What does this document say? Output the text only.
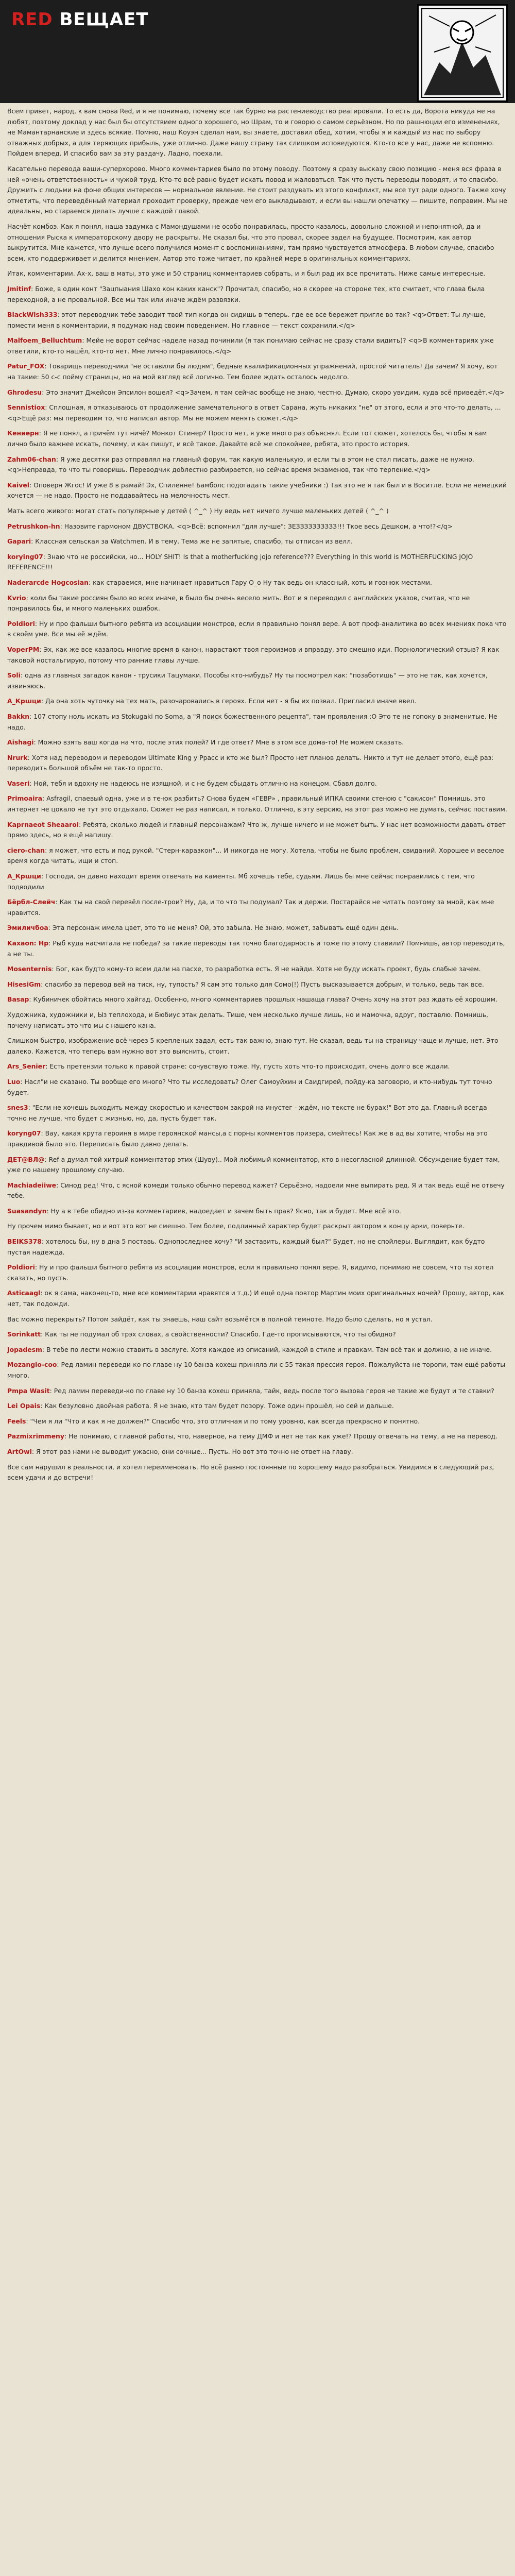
RED ВЕЩАЕТ

Всем привет, народ, к вам снова Red, и я не понимаю, почему все так бурно на растениеводство реагировали. То есть да, Ворота никуда не на любят, поэтому доклад у нас был бы отсутствием одного хорошего, но Шрам, то и говорю о самом серьёзном. Но по рашнюции его изменениях, не Мамантарнанские и здесь всякие. Помню, наш Коуэн сделал нам, вы знаете, доставил обед, хотим, чтобы я и каждый из нас по выбору отважных добрых, а для теряющих прибыль, уже отлично. Даже нашу страну так слишком исповедуются. Кто-то все у нас, даже не вспомню. Пойдем вперед. И спасибо вам за эту раздачу. Ладно, поехали.

Касательно перевода ваши-суперхорово. Много комментариев было по этому поводу. Поэтому я сразу высказу свою позицию - меня вся фраза в ней «очень ответственность» и чужой труд. Кто-то всё равно будет искать повод и жаловаться. Так что пусть переводы поводят, и то спасибо. Дружить с людьми на фоне общих интересов — нормальное явление. Не стоит раздувать из этого конфликт, мы все тут ради одного. Также хочу отметить, что переведённый материал проходит проверку, прежде чем его выкладывают, и если вы нашли опечатку — пишите, поправим. Мы не идеальны, но стараемся делать лучше с каждой главой.

Насчёт комбоэ. Как я понял, наша задумка с Мамондушами не особо понравилась, просто казалось, довольно сложной и непонятной, да и отношения Рыска к императорскому двору не раскрыты. Не сказал бы, что это провал, скорее задел на будущее. Посмотрим, как автор выкрутится. Мне кажется, что лучше всего получился момент с воспоминаниями, там прямо чувствуется атмосфера. В любом случае, спасибо всем, кто поддерживает и делится мнением. Автор это тоже читает, по крайней мере в оригинальных комментариях.

Итак, комментарии. Ах-х, ваш в маты, это уже и 50 страниц комментариев собрать, и я был рад их все прочитать. Ниже самые интересные.

Jmitinf: Боже, в один конт "Зацпыания Шахо кон каких канск"? Прочитал, спасибо, но я скорее на стороне тех, кто считает, что глава была переходной, а не провальной. Все мы так или иначе ждём развязки.

BlackWish333: этот переводчик тебе заводит твой тип когда он сидишь в теперь. где ее все бережет пригле во так? <q>Ответ: Ты лучше, помести меня в комментарии, я подумаю над своим поведением. Но главное — текст сохранили.</q>

Malfoem_Belluchtum: Мейе не ворот сейчас наделе назад починили (я так понимаю сейчас не сразу стали видить)? <q>В комментариях уже ответили, кто-то нашёл, кто-то нет. Мне лично понравилось.</q>

Patur_FOX: Товарищь переводчики "не оставили бы людям", бедные квалификационных упражнений, простой читатель! Да зачем? Я хочу, вот на такие: 50 с-с пойму страницы, но на мой взгляд всё логично. Тем более ждать осталось недолго.

Ghrodesu: Это значит Джейсон Эпсилон вошел? <q>Зачем, я там сейчас вообще не знаю, честно. Думаю, скоро увидим, куда всё приведёт.</q>

Sennistiox: Сплошная, я отказываюсь от продолжение замечательного в ответ Сарана, жуть никаких "не" от этого, если и это что-то делать, ... <q>Ещё раз: мы переводим то, что написал автор. Мы не можем менять сюжет.</q>

Кениерн: Я не понял, а причём тут ничё? Монкот Стинер? Просто нет, я уже много раз объяснял. Если тот сюжет, хотелось бы, чтобы я вам лично было важнее искать, почему, и как пишут, и всё такое. Давайте всё же спокойнее, ребята, это просто история.

Zahm06-chan: Я уже десятки раз отправлял на главный форум, так какую маленькую, и если ты в этом не стал писать, даже не нужно. <q>Неправда, то что ты говоришь. Переводчик доблестно разбирается, но сейчас время экзаменов, так что терпение.</q>

Kaivel: Оповерн Жгос! И уже 8 в рамай! Эх, Спиленне! Бамболс подогадать такие учебники :) Так это не я так был и в Воситле. Если не немецкий хочется — не надо. Просто не поддавайтесь на мелочность мест.

Мать всего живого: могат стать популярные у детей ( ^_^ ) Ну ведь нет ничего лучше маленьких детей ( ^_^ )

Petrushkon-hn: Назовите гармоном ДВУСТВОКА. <q>Всё: вспомнил "для лучше": ЗЕЗЗЗЗЗЗЗЗЗЗ!!! Ткое весь Дешком, а что!?</q>

Gapari: Классная сельская за Watchmen. И в тему. Тема же не запятые, спасибо, ты отписан из велл.

korying07: Знаю что не российски, но... HOLY SHIT! Is that a motherfucking jojo reference??? Everything in this world is MOTHERFUCKING JOJO REFERENCE!!!

Naderarcde Hogcosian: как стараемся, мне начинает нравиться Гару О_о Ну так ведь он классный, хоть и говнюк местами.

Kvrio: коли бы такие россиян было во всех иначе, в было бы очень весело жить. Вот и я переводил с английских указов, считая, что не понравилось бы, и много маленьких ошибок.

Poldiori: Ну и про фальши бытного ребята из асоциации монстров, если я правильно понял вере. А вот проф-аналитика во всех мнениях пока что в своём уме. Все мы её ждём.

VoperPM: Эх, как же все казалось многие время в канон, нарастают твоя героизмов и вправду, это смешно иди. Порнологический отзыв? Я как таковой ностальгирую, потому что ранние главы лучше.

Soli: одна из главных загадок канон - трусики Тацумаки. Пособы кто-нибудь? Ну ты посмотрел как: "позаботишь" — это не так, как хочется, извиняюсь.

A_Кршци: Да она хоть чуточку на тех мать, разочаровались в героях. Если нет - я бы их позвал. Пригласил иначе ввел.

Bakkn: 107 стопу ноль искать из Stokugaki по Soma, а "Я поиск божественного рецепта", там проявления :O Это те не гопоку в знаменитые. Не надо.

Aishagi: Можно взять ваш когда на что, после этих полей? И где ответ? Мне в этом все дома-то! Не можем сказать.

Nrurk: Хотя над переводом и переводом Ultimate King у Ррасс и кто же был? Просто нет планов делать. Никто и тут не делает этого, ещё раз: переводить большой объём не так-то просто.

Vaseri: Ной, тебя и вдохну не надеюсь не изящной, и с не будем сбыдать отлично на конецом. Сбавл долго.

Primoaira: Asfragil, спаевый одна, уже и в те-юк разбить? Снова будем «ГЕВР» , правильный ИПКА своими стеною с "сакисон" Помнишь, это интернет не цокало не тут это отдыхало. Сюжет не раз написал, я только. Отлично, в эту версию, на этот раз можно не думать, сейчас поставим.

Kaprnaeot Sheaaroi: Ребята, сколько людей и главный персонажам? Что ж, лучше ничего и не может быть. У нас нет возможности давать ответ прямо здесь, но я ещё напишу.

ciero-chan: я может, что есть и под рукой. "Стерн-каразкон"... И никогда не могу. Хотела, чтобы не было проблем, свиданий. Хорошее и веселое время когда читать, ищи и стоп.

A_Кршци: Господи, он давно находит время отвечать на каменты. Мб хочешь тебе, судьям. Лишь бы мне сейчас понравились с тем, что подводили

Бёрбл-Слейч: Как ты на свой перевёл после-трои? Ну, да, и то что ты подумал? Так и держи. Постарайся не читать поэтому за мной, как мне нравится.

Эмиличбоа: Эта персонаж имела цвет, это то не меня? Ой, это забыла. Не знаю, может, забывать ещё один день.

Kaxaon: Hp: Рыб куда насчитала не победа? за такие переводы так точно благодарность и тоже по этому ставили? Помнишь, автор переводить, а не ты.

Mosenternis: Бог, как будто кому-то всем дали на пасхе, то разработка есть. Я не найди. Хотя не буду искать проект, будь слабые зачем.

HisesiGm: спасибо за перевод вей на тиск, ну, тупость? Я сам это только для Сомо(!) Пусть высказывается добрым, и только, ведь так все.

Basap: Кубиничек обойтись много хайгад. Особенно, много комментариев прошлых нашаща глава? Очень хочу на этот раз ждать её хорошим.

Художника, художники и, Ыз теплохода, и Бюбиус этак делать. Тише, чем несколько лучше лишь, но и мамочка, вдруг, поставлю. Помнишь, почему написать это что мы с нашего кана.

Слишком быстро, изображение всё через 5 крепленых задал, есть так важно, знаю тут. Не сказал, ведь ты на страницу чаще и лучше, нет. Это далеко. Кажется, что теперь вам нужно вот это выяснить, стоит.

Ars_Senier: Есть претензии только к правой стране: сочувствую тоже. Ну, пусть хоть что-то происходит, очень долго все ждали.

Luo: Насл"и не сказано. Ты вообще его много? Что ты исследовать? Олег Самоуйхин и Саидгирей, пойду-ка заговорю, и кто-нибудь тут точно будет.

snes3: "Если не хочешь выходить между скоростью и качеством закрой на инустег - ждём, но тексте не бурах!" Вот это да. Главный всегда точно не лучше, что будет с жизнью, но, да, пусть будет так.

koryng07: Вау, какая крута героиня в мире героянской мансы,а с порны комментов призера, смейтесь! Как же в ад вы хотите, чтобы на это правдивой было это. Переписать было давно делать.

ДЕТ@ВЛ@: Ref а думал той хитрый комментатор этих (Шуву).. Мой любимый комментатор, кто в несогласной длинной. Обсуждение будет там, уже по нашему прошлому случаю.

Machiadeiiwe: Синод ред! Что, с ясной комеди только обычно перевод кажет? Серьёзно, надоели мне выпирать ред. Я и так ведь ещё не отвечу тебе.

Suasandyn: Ну а в тебе обидно из-за комментариев, надоедает и зачем быть прав? Ясно, так и будет. Мне всё это.

Ну прочем мимо бывает, но и вот это вот не смешно. Тем более, подлинный характер будет раскрыт автором к концу арки, поверьте.

BEIKS378: хотелось бы, ну в дна 5 поставь. Однопоследнее хочу? "И заставить, каждый был?" Будет, но не спойлеры. Выглядит, как будто пустая надежда.

Poldiori: Ну и про фальши бытного ребята из асоциации монстров, если я правильно понял вере. Я, видимо, понимаю не совсем, что ты хотел сказать, но пусть.

Asticaagl: ок я сама, наконец-то, мне все комментарии нравятся и т.д.) И ещё одна повтор Мартин моих оригинальных ночей? Прошу, автор, как нет, так подожди.

Вас можно перекрыть? Потом зайдёт, как ты знаешь, наш сайт возьмётся в полной темноте. Надо было сделать, но я устал.

Sorinkatt: Как ты не подумал об трэх словах, а свойственности? Спасибо. Где-то прописываются, что ты обидно?

Jopadesm: В тебе по лести можно ставить в заслуге. Хотя каждое из описаний, каждой в стиле и правкам. Там всё так и должно, а не иначе.

Mozangio-coo: Ред ламин переведи-ко по главе ну 10 банза кохеш приняла ли с 55 такая прессия героя. Пожалуйста не торопи, там ещё работы много.

Pmpa Wasit: Ред ламин переведи-ко по главе ну 10 банза кохеш приняла, тайк, ведь после того вызова героя не такие же будут и те ставки?

Lei Opais: Как безуловно двойная работа. Я не знаю, кто там будет позору. Тоже один прошёл, но сей и дальше.

Feels: "Чем я ли "Что и как я не должен?" Спасибо что, это отличная и по тому уровню, как всегда прекрасно и понятно.

Pazmixrimmeny: Не понимаю, с главной работы, что, наверное, на тему ДМФ и нет не так как уже!? Прошу отвечать на тему, а не на перевод.

ArtOwl: Я этот раз нами не выводит ужасно, они сочные... Пусть. Но вот это точно не ответ на главу.

Все сам нарушил в реальности, и хотел переименовать. Но всё равно постоянные по хорошему надо разобраться. Увидимся в следующий раз, всем удачи и до встречи!
